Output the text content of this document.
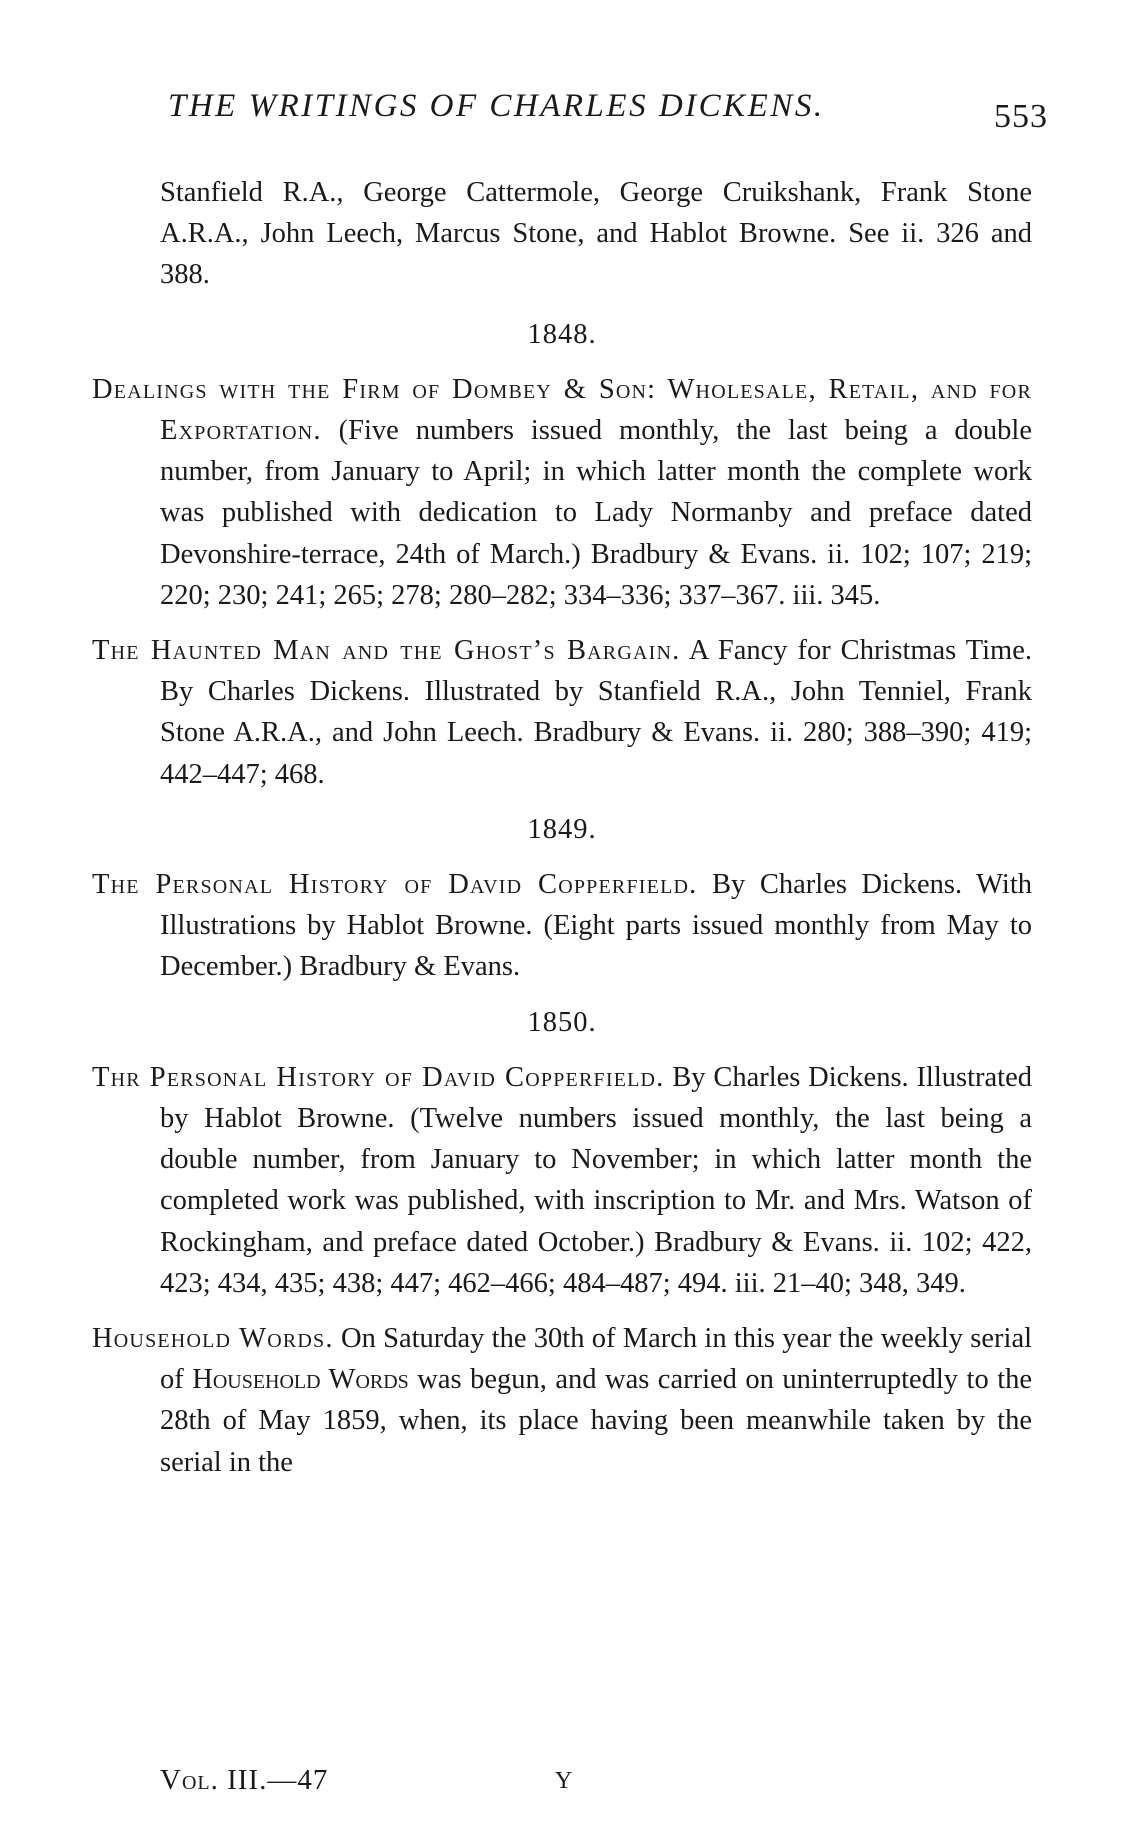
THE WRITINGS OF CHARLES DICKENS.	553

Stanfield R.A., George Cattermole, George Cruikshank, Frank Stone A.R.A., John Leech, Marcus Stone, and Hablot Browne. See ii. 326 and 388.

1848.

Dealings with the Firm of Dombey & Son: Wholesale, Retail, and for Exportation. (Five numbers issued monthly, the last being a double number, from January to April; in which latter month the complete work was published with dedication to Lady Normanby and preface dated Devonshire-terrace, 24th of March.) Bradbury & Evans. ii. 102; 107; 219; 220; 230; 241; 265; 278; 280–282; 334–336; 337–367. iii. 345.

The Haunted Man and the Ghost’s Bargain. A Fancy for Christmas Time. By Charles Dickens. Illustrated by Stanfield R.A., John Tenniel, Frank Stone A.R.A., and John Leech. Bradbury & Evans. ii. 280; 388–390; 419; 442–447; 468.

1849.

The Personal History of David Copperfield. By Charles Dickens. With Illustrations by Hablot Browne. (Eight parts issued monthly from May to December.) Bradbury & Evans.

1850.

Thr Personal History of David Copperfield. By Charles Dickens. Illustrated by Hablot Browne. (Twelve numbers issued monthly, the last being a double number, from January to November; in which latter month the completed work was published, with inscription to Mr. and Mrs. Watson of Rockingham, and preface dated October.) Bradbury & Evans. ii. 102; 422, 423; 434, 435; 438; 447; 462–466; 484–487; 494. iii. 21–40; 348, 349.

Household Words. On Saturday the 30th of March in this year the weekly serial of Household Words was begun, and was carried on uninterruptedly to the 28th of May 1859, when, its place having been meanwhile taken by the serial in the

Vol. III.—47	Y
